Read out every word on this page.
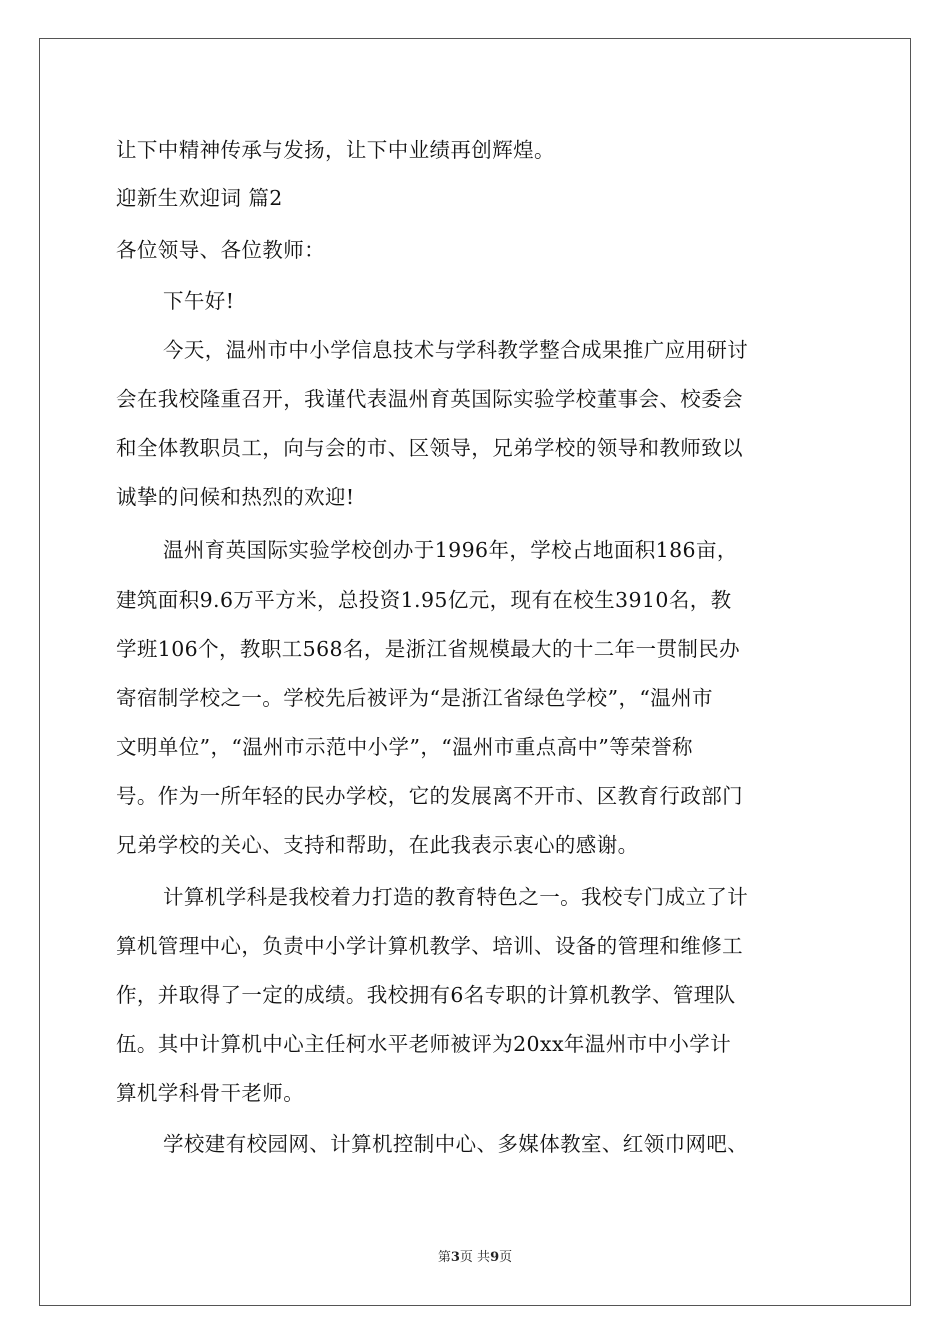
让下中精神传承与发扬，让下中业绩再创辉煌。
迎新生欢迎词 篇2
各位领导、各位教师：
下午好!
今天，温州市中小学信息技术与学科教学整合成果推广应用研讨
会在我校隆重召开，我谨代表温州育英国际实验学校董事会、校委会
和全体教职员工，向与会的市、区领导，兄弟学校的领导和教师致以
诚挚的问候和热烈的欢迎!
温州育英国际实验学校创办于1996年，学校占地面积186亩，
建筑面积9.6万平方米，总投资1.95亿元，现有在校生3910名，教
学班106个，教职工568名，是浙江省规模最大的十二年一贯制民办
寄宿制学校之一。学校先后被评为“是浙江省绿色学校”，“温州市
文明单位”，“温州市示范中小学”，“温州市重点高中”等荣誉称
号。作为一所年轻的民办学校，它的发展离不开市、区教育行政部门
兄弟学校的关心、支持和帮助，在此我表示衷心的感谢。
计算机学科是我校着力打造的教育特色之一。我校专门成立了计
算机管理中心，负责中小学计算机教学、培训、设备的管理和维修工
作，并取得了一定的成绩。我校拥有6名专职的计算机教学、管理队
伍。其中计算机中心主任柯水平老师被评为20xx年温州市中小学计
算机学科骨干老师。
学校建有校园网、计算机控制中心、多媒体教室、红领巾网吧、
第3页 共9页
